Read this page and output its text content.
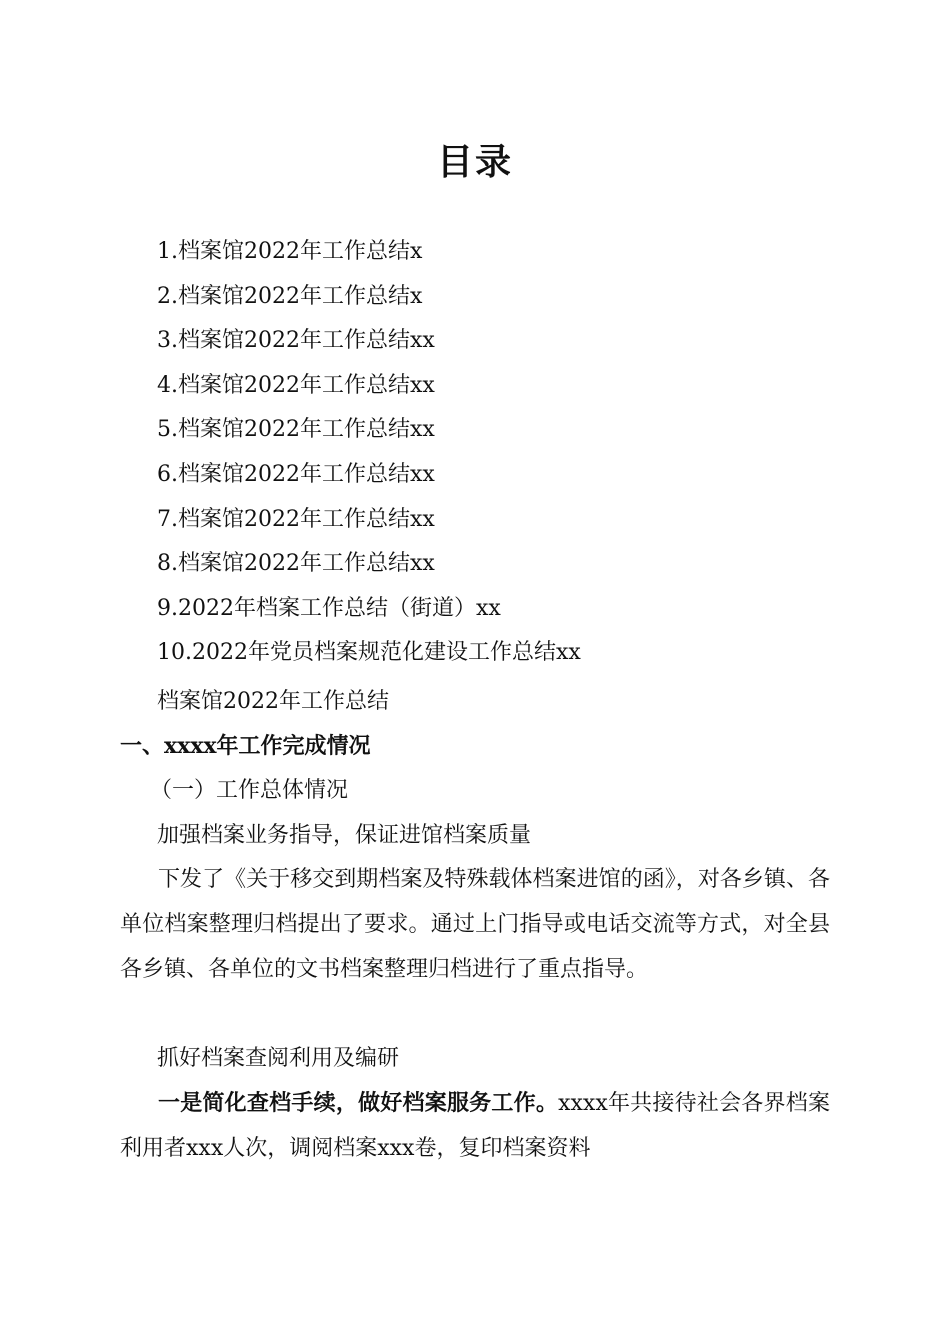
目录
1.档案馆2022年工作总结x
2.档案馆2022年工作总结x
3.档案馆2022年工作总结xx
4.档案馆2022年工作总结xx
5.档案馆2022年工作总结xx
6.档案馆2022年工作总结xx
7.档案馆2022年工作总结xx
8.档案馆2022年工作总结xx
9.2022年档案工作总结（街道）xx
10.2022年党员档案规范化建设工作总结xx
档案馆2022年工作总结
一、xxxx年工作完成情况
（一）工作总体情况
加强档案业务指导，保证进馆档案质量
下发了《关于移交到期档案及特殊载体档案进馆的函》，对各乡镇、各单位档案整理归档提出了要求。通过上门指导或电话交流等方式，对全县各乡镇、各单位的文书档案整理归档进行了重点指导。
抓好档案查阅利用及编研
一是简化查档手续，做好档案服务工作。xxxx年共接待社会各界档案利用者xxx人次，调阅档案xxx卷，复印档案资料
